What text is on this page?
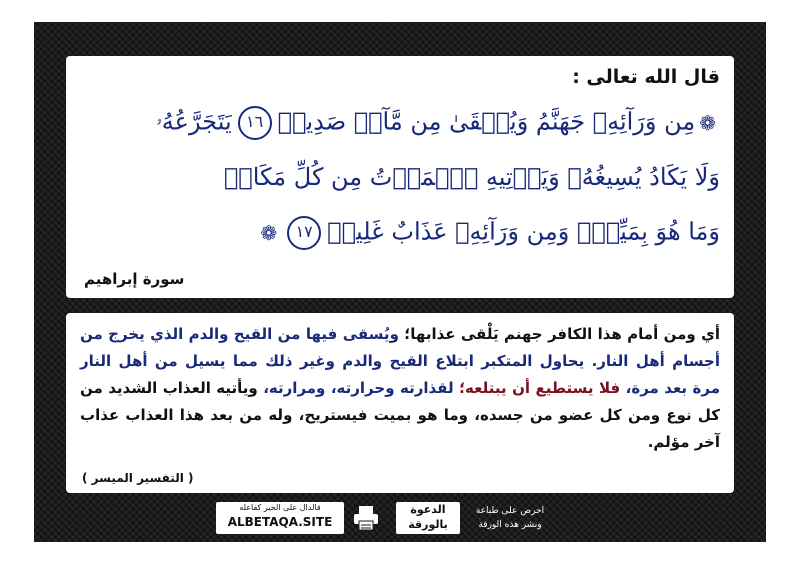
قال الله تعالى :
❁مِن وَرَآئِهِۦ جَهَنَّمُ وَيُسۡقَىٰ مِن مَّآءٖ صَدِيدٖ١٦يَتَجَرَّعُهُۥ
وَلَا يَكَادُ يُسِيغُهُۥ وَيَأۡتِيهِ ٱلۡمَوۡتُ مِن كُلِّ مَكَانٖ
وَمَا هُوَ بِمَيِّتٖۖ وَمِن وَرَآئِهِۦ عَذَابٌ غَلِيظٞ١٧❁
سورة إبراهيم
أي ومن أمام هذا الكافر جهنم يَلْقى عذابها؛ ويُسقى فيها من القيح والدم الذي يخرج من أجسام أهل النار. يحاول المتكبر ابتلاع القيح والدم وغير ذلك مما يسيل من أهل النار مرة بعد مرة، فلا يستطيع أن يبتلعه؛ لقذارته وحرارته، ومرارته، ويأتيه العذاب الشديد من كل نوع ومن كل عضو من جسده، وما هو بميت فيستريح، وله من بعد هذا العذاب عذاب آخر مؤلم.
( التفسير الميسر )
فالدال على الخير كفاعله
ALBETAQA.SITE
الدعوة
بالورقة
احرص على طباعة
ونشر هذه الورقة
